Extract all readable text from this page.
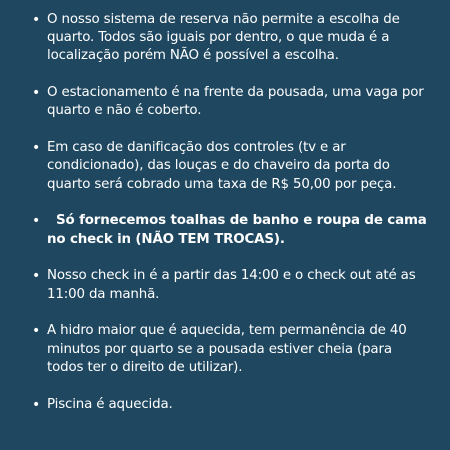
• O nosso sistema de reserva não permite a escolha de quarto. Todos são iguais por dentro, o que muda é a localização porém NÃO é possível a escolha.
• O estacionamento é na frente da pousada, uma vaga por quarto e não é coberto.
• Em caso de danificação dos controles (tv e ar condicionado), das louças e do chaveiro da porta do quarto será cobrado uma taxa de R$ 50,00 por peça.
• Só fornecemos toalhas de banho e roupa de cama no check in (NÃO TEM TROCAS).
• Nosso check in é a partir das 14:00 e o check out até as 11:00 da manhã.
• A hidro maior que é aquecida, tem permanência de 40 minutos por quarto se a pousada estiver cheia (para todos ter o direito de utilizar).
• Piscina é aquecida.
